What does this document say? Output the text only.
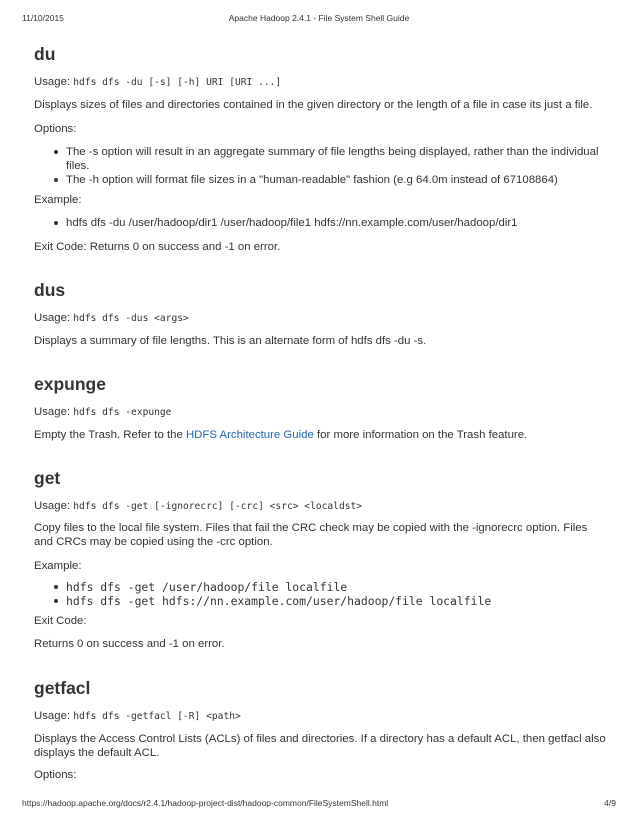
11/10/2015	Apache Hadoop 2.4.1 - File System Shell Guide
du

Usage: hdfs dfs -du [-s] [-h] URI [URI ...]

Displays sizes of files and directories contained in the given directory or the length of a file in case its just a file.

Options:

The -s option will result in an aggregate summary of file lengths being displayed, rather than the individual files.
The -h option will format file sizes in a "human-readable" fashion (e.g 64.0m instead of 67108864)

Example:

hdfs dfs -du /user/hadoop/dir1 /user/hadoop/file1 hdfs://nn.example.com/user/hadoop/dir1

Exit Code: Returns 0 on success and -1 on error.

dus

Usage: hdfs dfs -dus <args>

Displays a summary of file lengths. This is an alternate form of hdfs dfs -du -s.

expunge

Usage: hdfs dfs -expunge

Empty the Trash. Refer to the HDFS Architecture Guide for more information on the Trash feature.

get

Usage: hdfs dfs -get [-ignorecrc] [-crc] <src> <localdst>

Copy files to the local file system. Files that fail the CRC check may be copied with the -ignorecrc option. Files and CRCs may be copied using the -crc option.

Example:

hdfs dfs -get /user/hadoop/file localfile
hdfs dfs -get hdfs://nn.example.com/user/hadoop/file localfile

Exit Code:

Returns 0 on success and -1 on error.

getfacl

Usage: hdfs dfs -getfacl [-R] <path>

Displays the Access Control Lists (ACLs) of files and directories. If a directory has a default ACL, then getfacl also displays the default ACL.

Options:

https://hadoop.apache.org/docs/r2.4.1/hadoop-project-dist/hadoop-common/FileSystemShell.html	4/9
